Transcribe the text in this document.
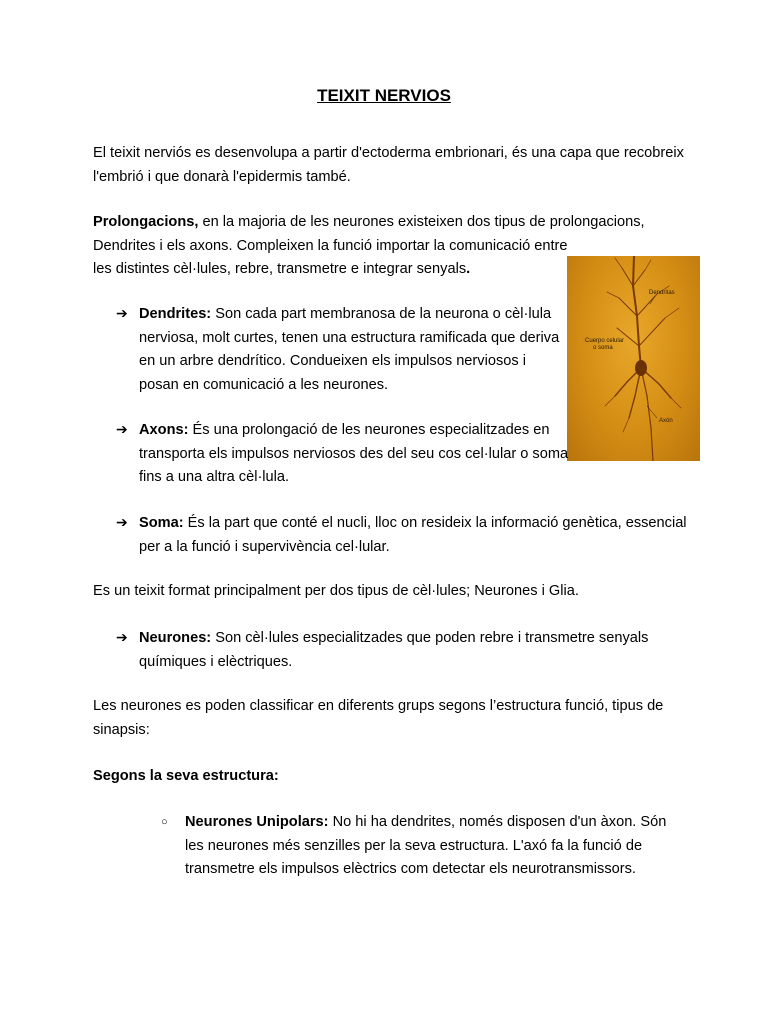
TEIXIT NERVIOS

El teixit nerviós es desenvolupa a partir d'ectoderma embrionari, és una capa que recobreix
l'embrió i que donarà l'epidermis també.

Prolongacions, en la majoria de les neurones existeixen dos tipus de prolongacions,
Dendrites i els axons. Compleixen la funció importar la comunicació entre
les distintes cèl·lules, rebre, transmetre e integrar senyals.

Dendritas
Cuerpo celular
o soma
Axón
➔ Dendrites: Son cada part membranosa de la neurona o cèl·lula
nerviosa, molt curtes, tenen una estructura ramificada que deriva
en un arbre dendrítico. Condueixen els impulsos nerviosos i
posan en comunicació a les neurones.

➔ Axons: És una prolongació de les neurones especialitzades en
transporta els impulsos nerviosos des del seu cos cel·lular o soma
fins a una altra cèl·lula.

➔ Soma: És la part que conté el nucli, lloc on resideix la informació genètica, essencial
per a la funció i supervivència cel·lular.

Es un teixit format principalment per dos tipus de cèl·lules; Neurones i Glia.

➔ Neurones: Son cèl·lules especialitzades que poden rebre i transmetre senyals
químiques i elèctriques.

Les neurones es poden classificar en diferents grups segons l’estructura funció, tipus de
sinapsis:

Segons la seva estructura:

○ Neurones Unipolars: No hi ha dendrites, només disposen d'un àxon. Són
les neurones més senzilles per la seva estructura. L'axó fa la funció de
transmetre els impulsos elèctrics com detectar els neurotransmissors.
